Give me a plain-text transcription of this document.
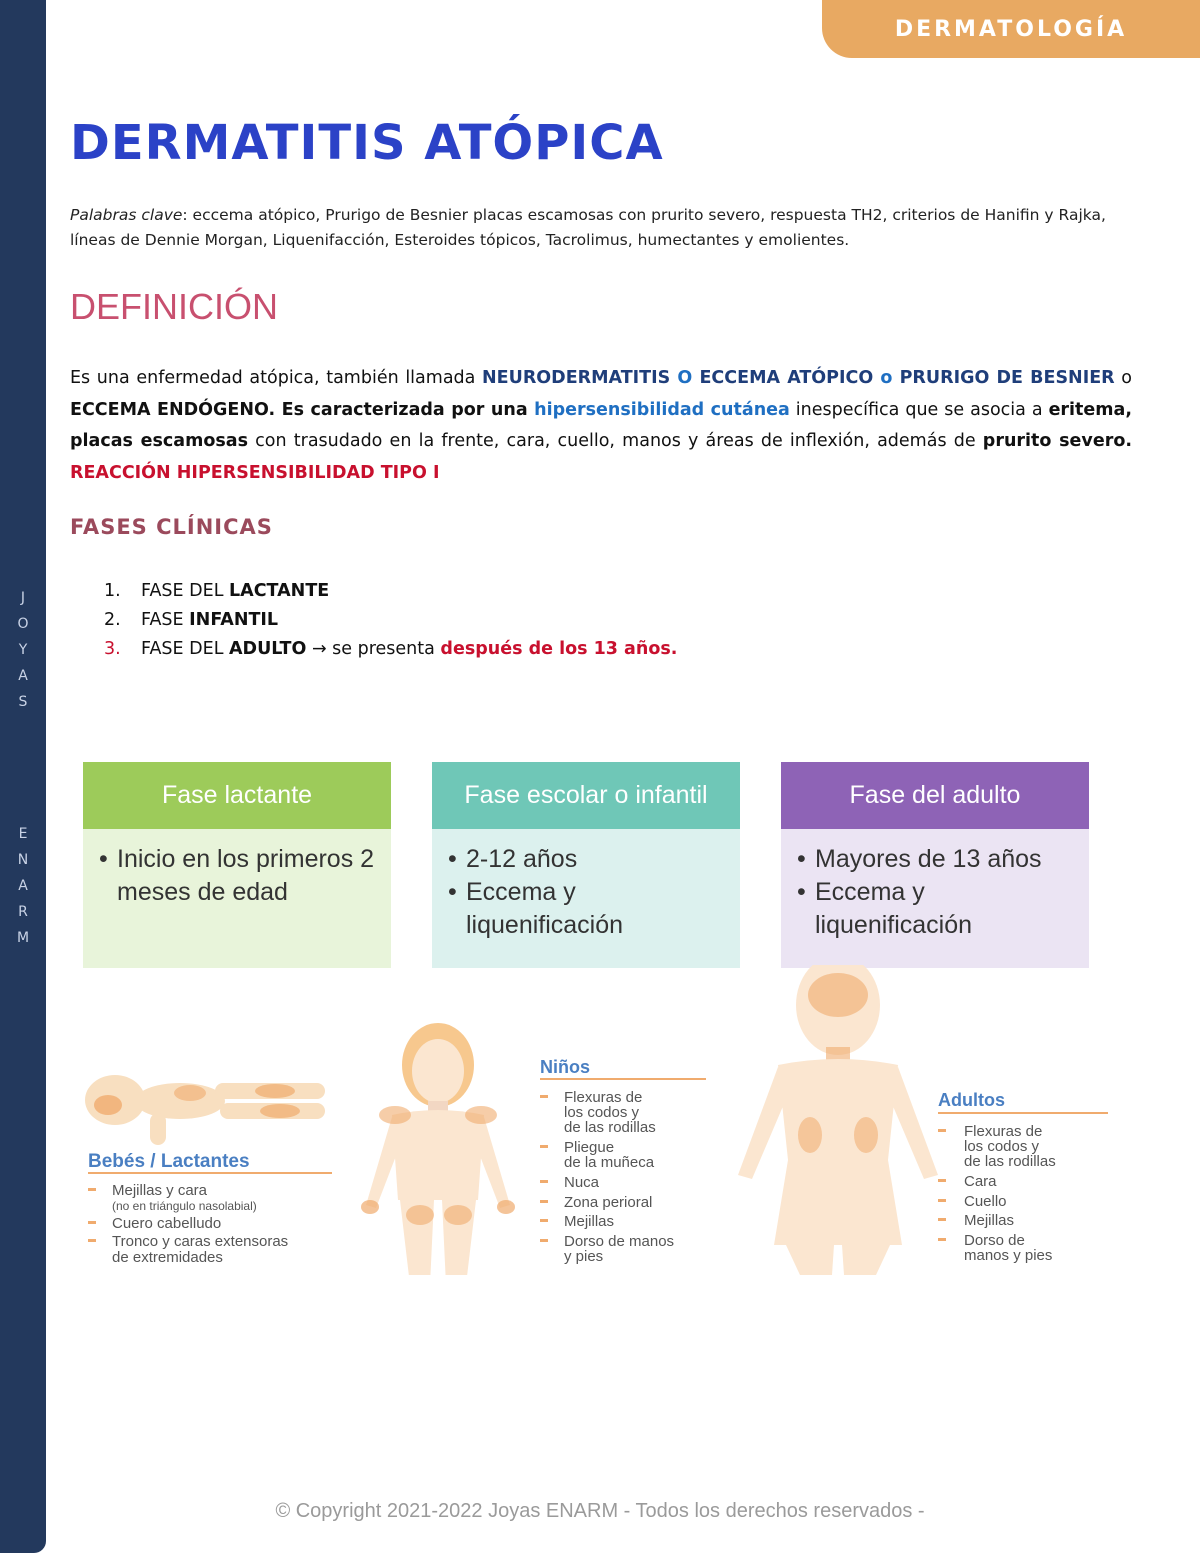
J
O
Y
A
S
E
N
A
R
M
DERMATOLOGÍA
DERMATITIS ATÓPICA
Palabras clave: eccema atópico, Prurigo de Besnier placas escamosas con prurito severo, respuesta TH2, criterios de Hanifin y Rajka, líneas de Dennie Morgan, Liquenifacción, Esteroides tópicos, Tacrolimus, humectantes y emolientes.
DEFINICIÓN
Es una enfermedad atópica, también llamada NEURODERMATITIS O ECCEMA ATÓPICO o PRURIGO DE BESNIER o ECCEMA ENDÓGENO. Es caracterizada por una hipersensibilidad cutánea inespecífica que se asocia a eritema, placas escamosas con trasudado en la frente, cara, cuello, manos y áreas de inflexión, además de prurito severo. REACCIÓN HIPERSENSIBILIDAD TIPO I
FASES CLÍNICAS
1.	FASE DEL LACTANTE
2.	FASE INFANTIL
3.	FASE DEL ADULTO → se presenta después de los 13 años.
Fase lactante
• Inicio en los primeros 2 meses de edad
Fase escolar o infantil
• 2-12 años
• Eccema y liquenificación
Fase del adulto
• Mayores de 13 años
• Eccema y liquenificación
Bebés / Lactantes
Mejillas y cara
(no en triángulo nasolabial)
Cuero cabelludo
Tronco y caras extensoras
de extremidades
Niños
Flexuras de
los codos y
de las rodillas
Pliegue
de la muñeca
Nuca
Zona perioral
Mejillas
Dorso de manos
y pies
Adultos
Flexuras de
los codos y
de las rodillas
Cara
Cuello
Mejillas
Dorso de
manos y pies
© Copyright 2021-2022 Joyas ENARM - Todos los derechos reservados -
